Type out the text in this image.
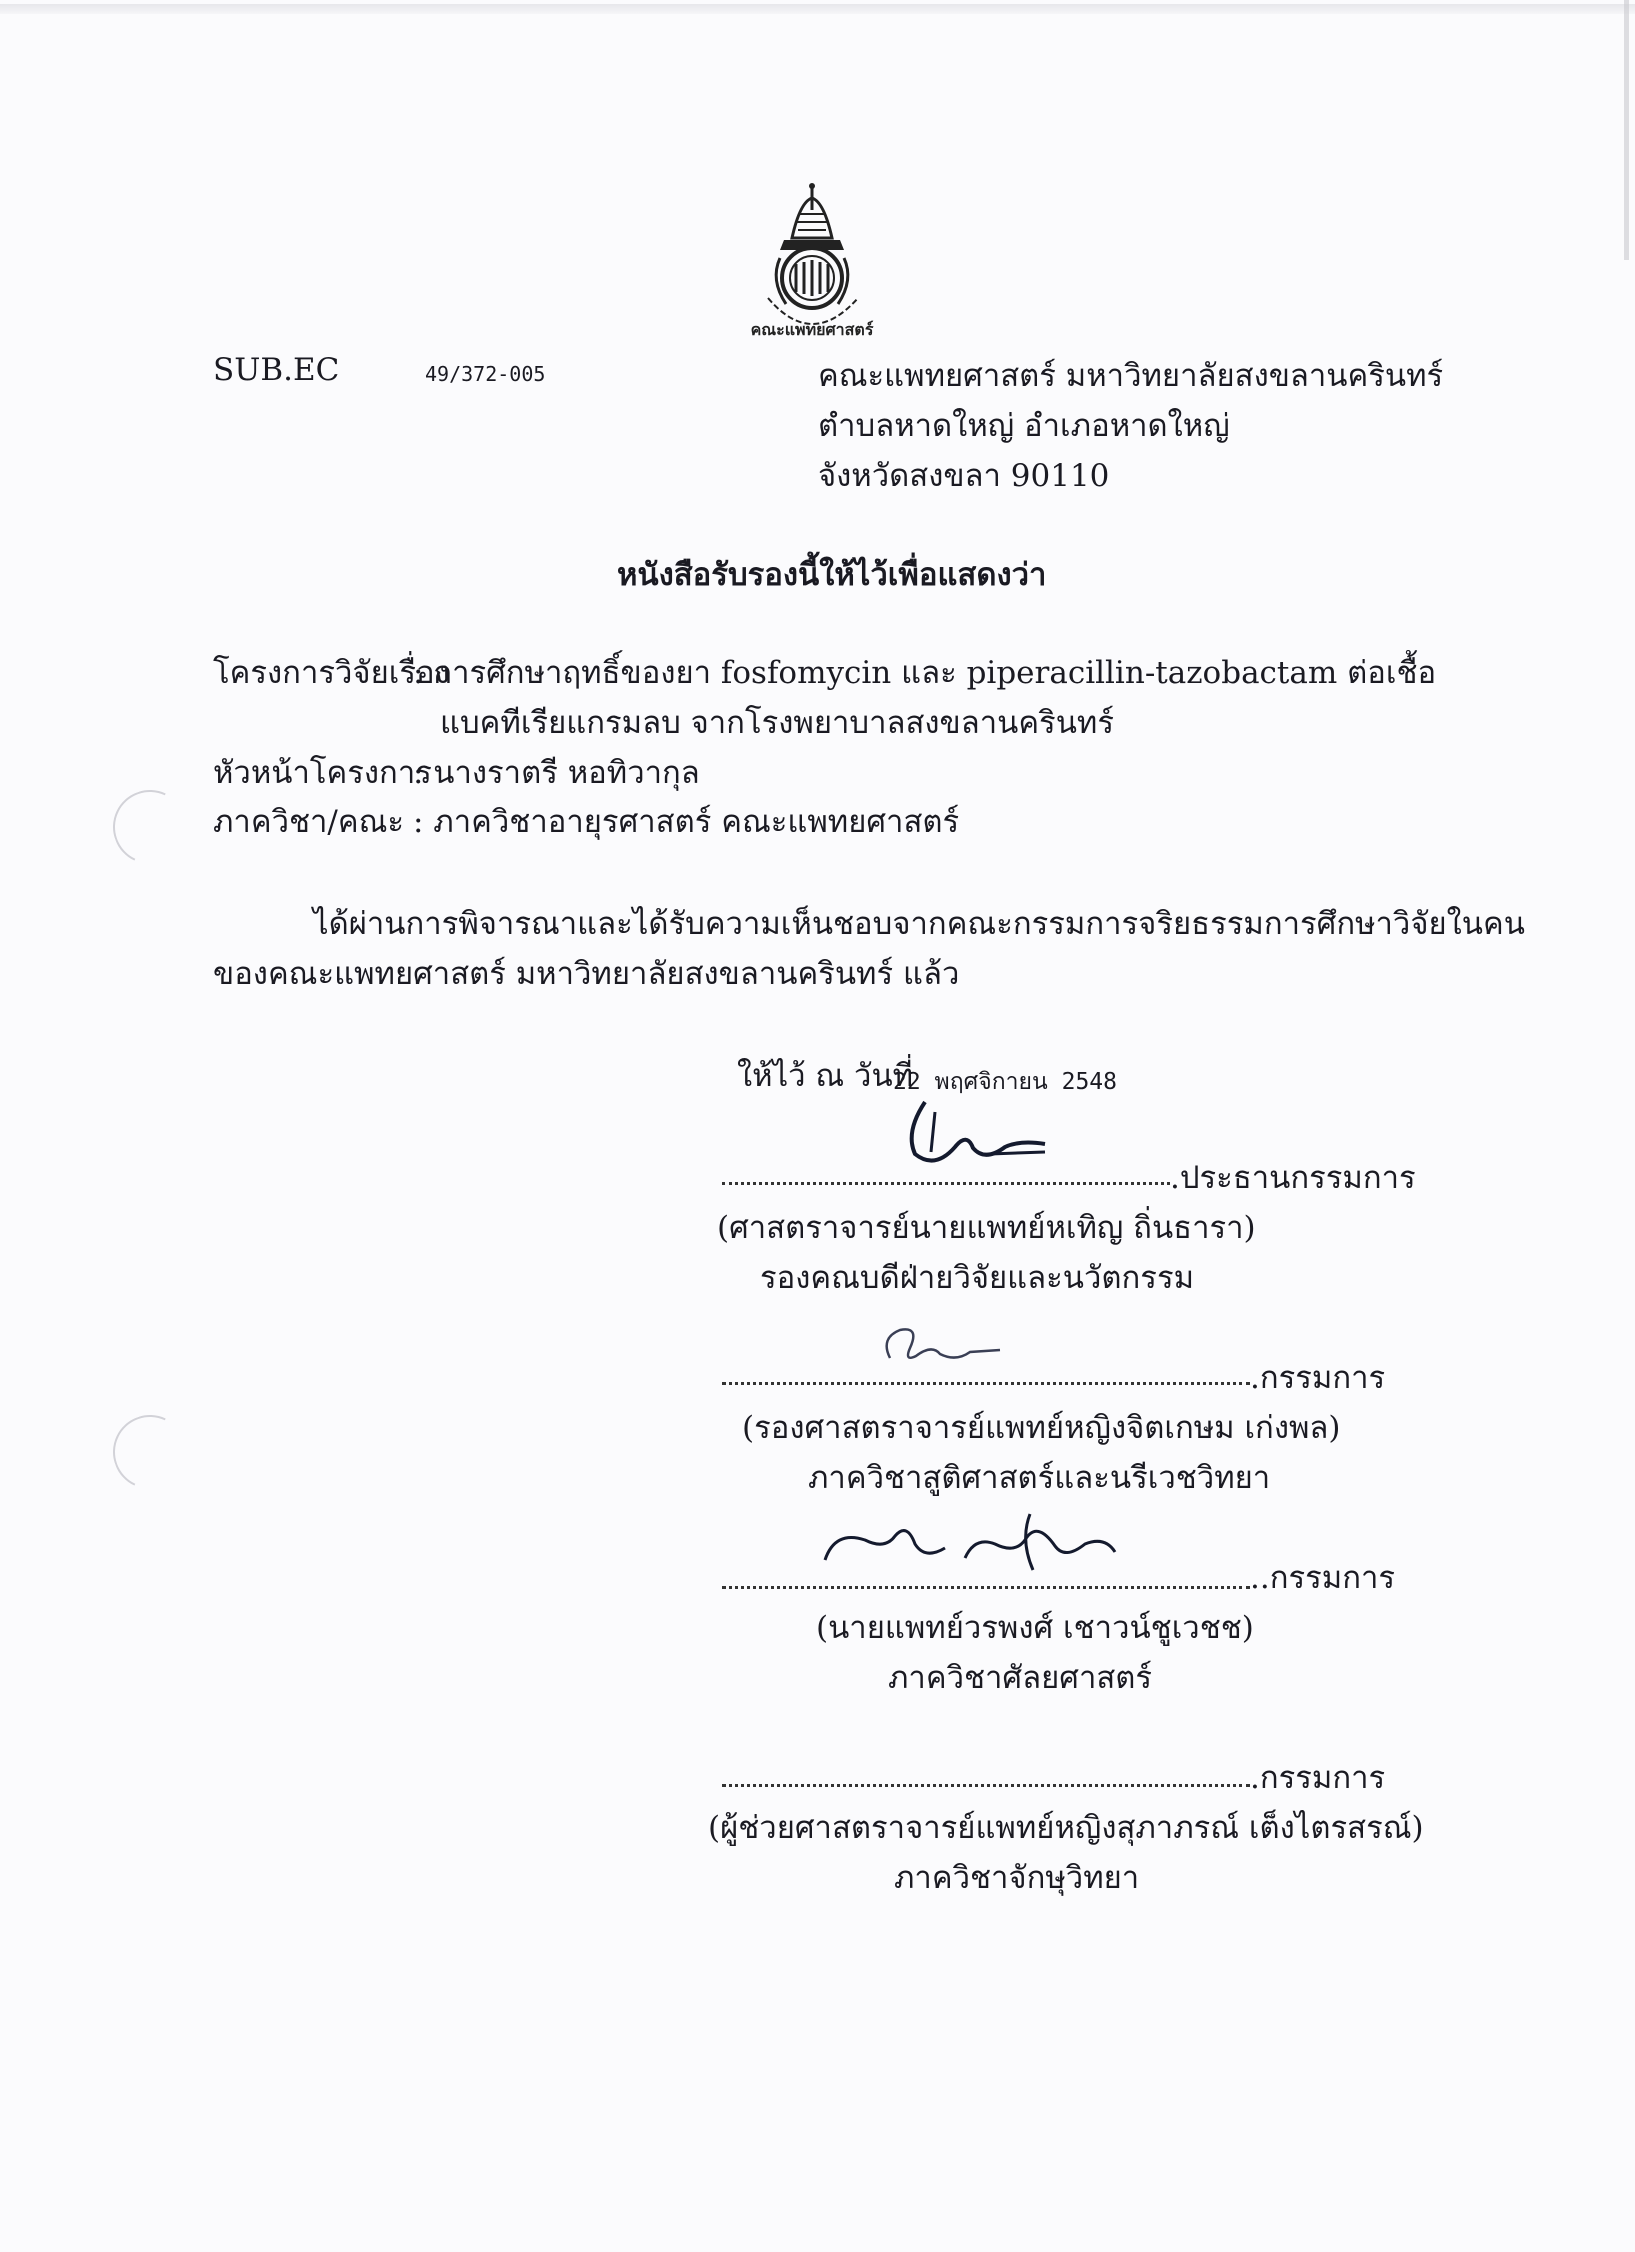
คณะแพทยศาสตร์
SUB.EC	49/372-005	คณะแพทยศาสตร์ มหาวิทยาลัยสงขลานครินทร์
ตำบลหาดใหญ่ อำเภอหาดใหญ่
จังหวัดสงขลา 90110
หนังสือรับรองนี้ให้ไว้เพื่อแสดงว่า
โครงการวิจัยเรื่อง
: การศึกษาฤทธิ์ของยา fosfomycin และ piperacillin-tazobactam ต่อเชื้อ
แบคทีเรียแกรมลบ จากโรงพยาบาลสงขลานครินทร์
หัวหน้าโครงการ
: นางราตรี หอทิวากุล
ภาควิชา/คณะ : ภาควิชาอายุรศาสตร์ คณะแพทยศาสตร์
ได้ผ่านการพิจารณาและได้รับความเห็นชอบจากคณะกรรมการจริยธรรมการศึกษาวิจัยในคน
ของคณะแพทยศาสตร์ มหาวิทยาลัยสงขลานครินทร์ แล้ว
ให้ไว้ ณ วันที่
22 พฤศจิกายน 2548
.ประธานกรรมการ
(ศาสตราจารย์นายแพทย์หเทิญ ถิ่นธารา)
รองคณบดีฝ่ายวิจัยและนวัตกรรม
.กรรมการ
(รองศาสตราจารย์แพทย์หญิงจิตเกษม เก่งพล)
ภาควิชาสูติศาสตร์และนรีเวชวิทยา
..กรรมการ
(นายแพทย์วรพงศ์ เชาวน์ชูเวชช)
ภาควิชาศัลยศาสตร์
.กรรมการ
(ผู้ช่วยศาสตราจารย์แพทย์หญิงสุภาภรณ์ เต็งไตรสรณ์)
ภาควิชาจักษุวิทยา
